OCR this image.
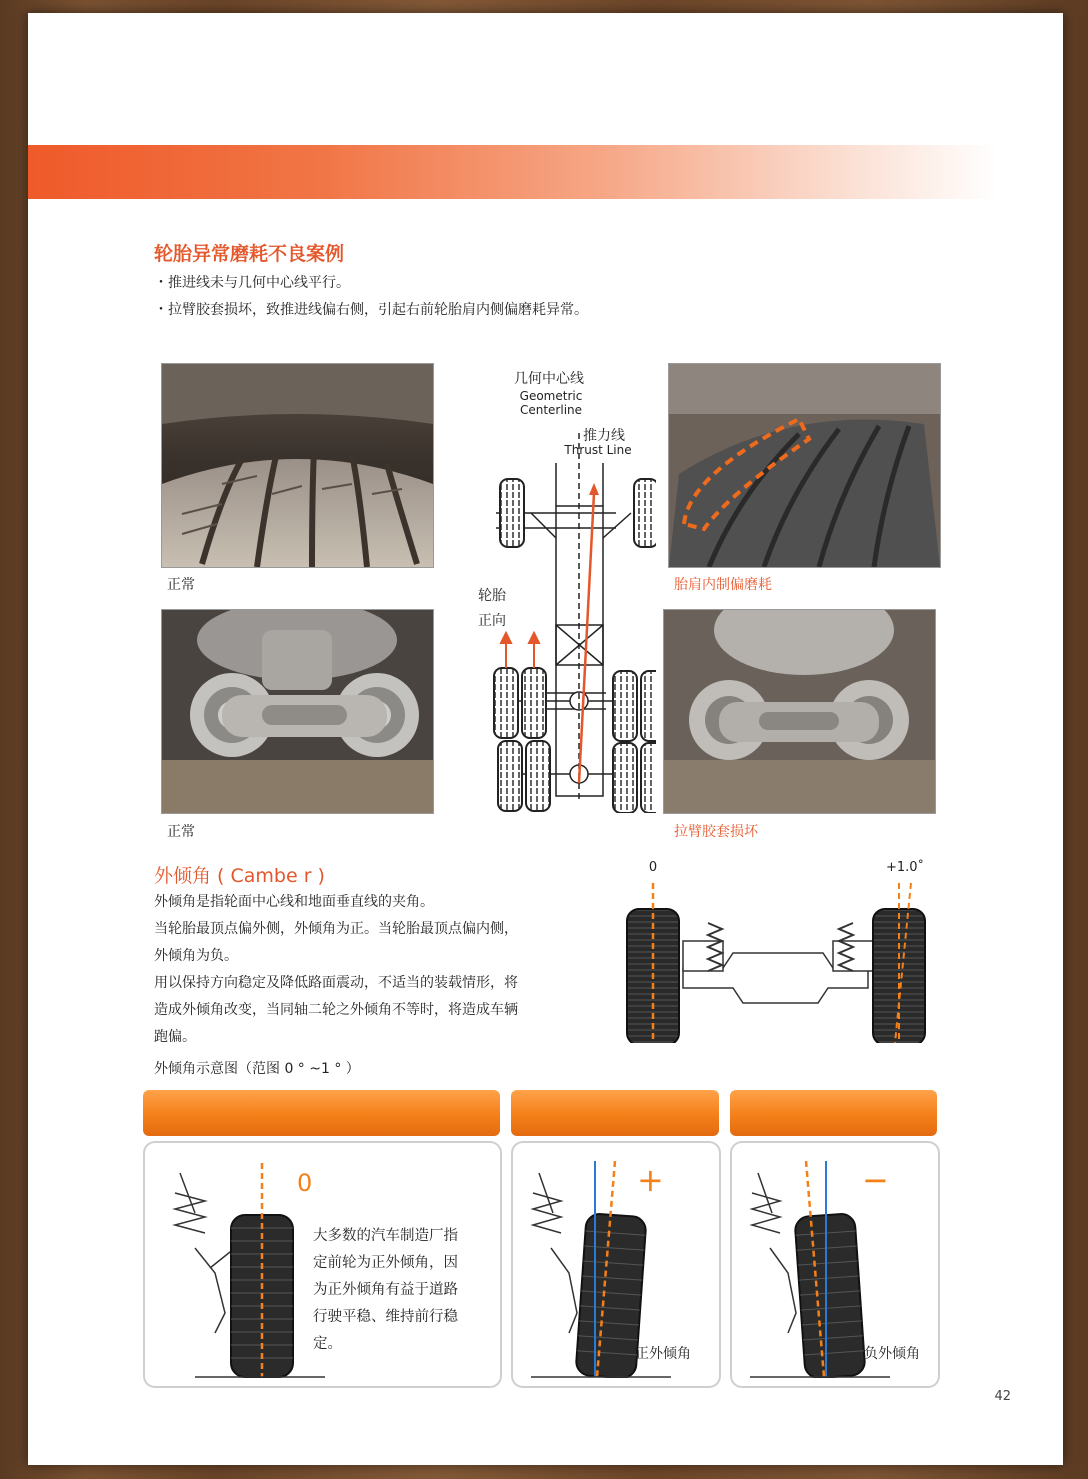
轮胎异常磨耗不良案例
・推进线未与几何中心线平行。
・拉臂胶套损坏，致推进线偏右侧，引起右前轮胎肩内侧偏磨耗异常。
正常
正常
胎肩内制偏磨耗
拉臂胶套损坏
几何中心线
Geometric
Centerline
推力线
Thrust Line
轮胎
正向
外倾角 ( Cambe r )
外倾角是指轮面中心线和地面垂直线的夹角。
当轮胎最顶点偏外侧，外倾角为正。当轮胎最顶点偏内侧，
外倾角为负。
用以保持方向稳定及降低路面震动，不适当的装载情形，将
造成外倾角改变，当同轴二轮之外倾角不等时，将造成车辆
跑偏。
外倾角示意图（范图 0 ° ~1 ° ）
0	+1.0˚
0
大多数的汽车制造厂指
定前轮为正外倾角，因
为正外倾角有益于道路
行驶平稳、维持前行稳
定。
+
正外倾角
−
负外倾角
42
